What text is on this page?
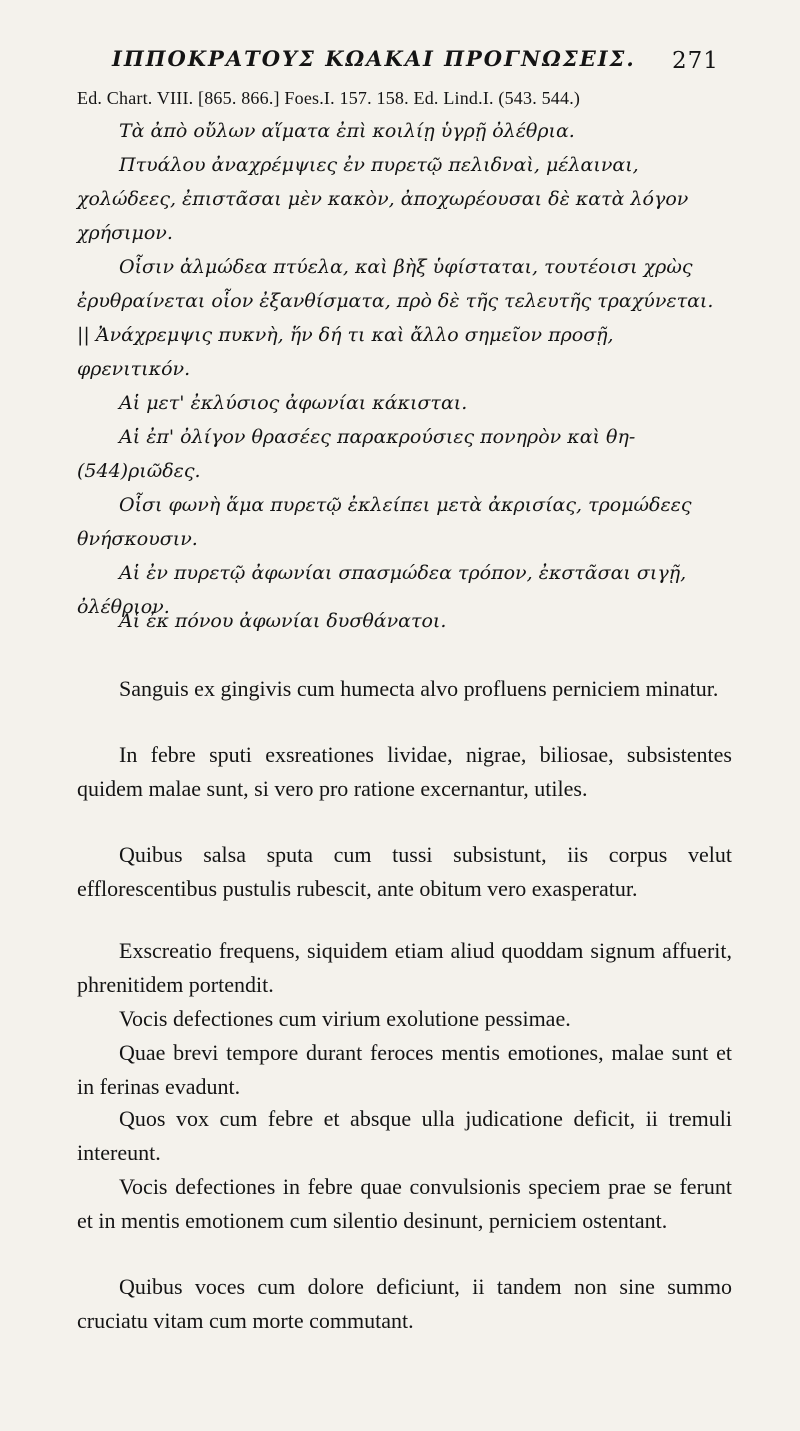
ΙΠΠΟΚΡΑΤΟΥΣ ΚΩΑΚΑΙ ΠΡΟΓΝΩΣΕΙΣ. 271
Ed. Chart. VIII. [865. 866.] Foes.I. 157. 158. Ed. Lind.I. (543. 544.)

Τὰ ἀπὸ οὔλων αἵματα ἐπὶ κοιλίῃ ὑγρῇ ὀλέθρια.

Πτυάλου ἀναχρέμψιες ἐν πυρετῷ πελιδναὶ, μέλαιναι, χολώδεες, ἐπιστᾶσαι μὲν κακὸν, ἀποχωρέουσαι δὲ κατὰ λόγον χρήσιμον.

Οἷσιν ἁλμώδεα πτύελα, καὶ βὴξ ὑφίσταται, τουτέοισι χρὼς ἐρυθραίνεται οἷον ἐξανθίσματα, πρὸ δὲ τῆς τελευτῆς τραχύνεται. || Ἀνάχρεμψις πυκνὴ, ἥν δή τι καὶ ἄλλο σημεῖον προσῇ, φρενιτικόν.

Αἱ μετ' ἐκλύσιος ἀφωνίαι κάκισται.

Αἱ ἐπ' ὀλίγον θρασέες παρακρούσιες πονηρὸν καὶ θη-(544)ριῶδες.

Οἷσι φωνὴ ἅμα πυρετῷ ἐκλείπει μετὰ ἀκρισίας, τρομώδεες θνήσκουσιν.

Αἱ ἐν πυρετῷ ἀφωνίαι σπασμώδεα τρόπον, ἐκστᾶσαι σιγῇ, ὀλέθριον.

Αἱ ἐκ πόνου ἀφωνίαι δυσθάνατοι.

Sanguis ex gingivis cum humecta alvo profluens perniciem minatur.

In febre sputi exsreationes lividae, nigrae, biliosae, subsistentes quidem malae sunt, si vero pro ratione excernantur, utiles.

Quibus salsa sputa cum tussi subsistunt, iis corpus velut efflorescentibus pustulis rubescit, ante obitum vero exasperatur.

Exscreatio frequens, siquidem etiam aliud quoddam signum affuerit, phrenitidem portendit.

Vocis defectiones cum virium exolutione pessimae.

Quae brevi tempore durant feroces mentis emotiones, malae sunt et in ferinas evadunt.

Quos vox cum febre et absque ulla judicatione deficit, ii tremuli intereunt.

Vocis defectiones in febre quae convulsionis speciem prae se ferunt et in mentis emotionem cum silentio desinunt, perniciem ostentant.

Quibus voces cum dolore deficiunt, ii tandem non sine summo cruciatu vitam cum morte commutant.
